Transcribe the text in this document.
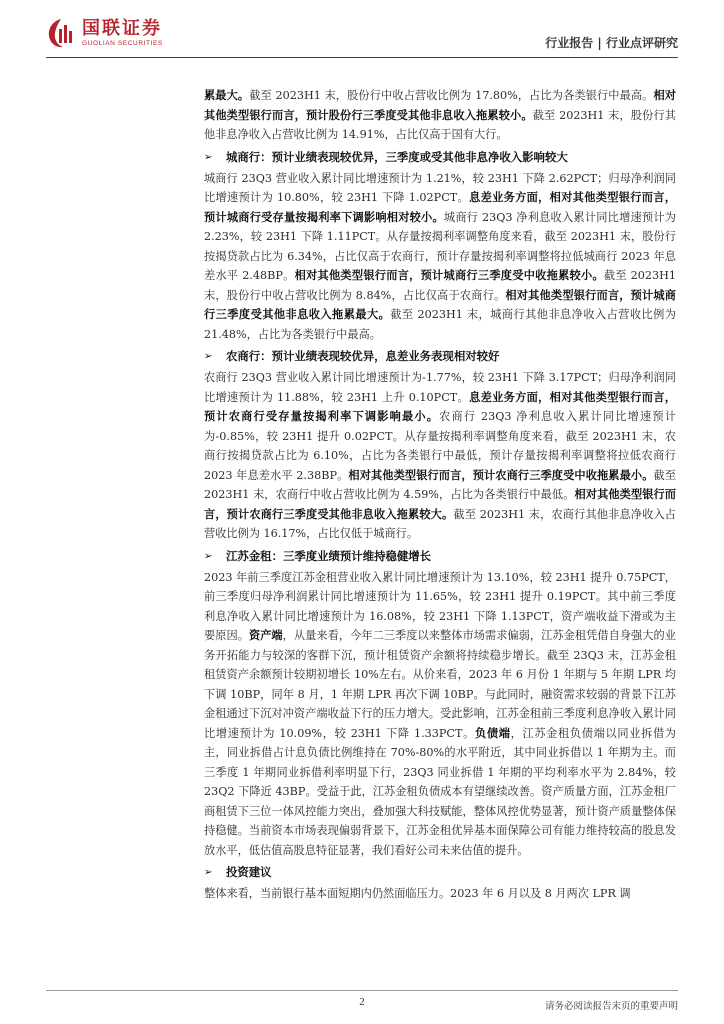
国联证券
GUOLIAN SECURITIES	行业报告 | 行业点评研究

累最大。截至 2023H1 末，股份行中收占营收比例为 17.80%，占比为各类银行中最高。相对其他类型银行而言，预计股份行三季度受其他非息收入拖累较小。截至 2023H1 末，股份行其他非息净收入占营收比例为 14.91%，占比仅高于国有大行。

➢	城商行：预计业绩表现较优异，三季度或受其他非息净收入影响较大

城商行 23Q3 营业收入累计同比增速预计为 1.21%，较 23H1 下降 2.62PCT；归母净利润同比增速预计为 10.80%，较 23H1 下降 1.02PCT。息差业务方面，相对其他类型银行而言，预计城商行受存量按揭利率下调影响相对较小。城商行 23Q3 净利息收入累计同比增速预计为 2.23%，较 23H1 下降 1.11PCT。从存量按揭利率调整角度来看，截至 2023H1 末，股份行按揭贷款占比为 6.34%，占比仅高于农商行，预计存量按揭利率调整将拉低城商行 2023 年息差水平 2.48BP。相对其他类型银行而言，预计城商行三季度受中收拖累较小。截至 2023H1 末，股份行中收占营收比例为 8.84%，占比仅高于农商行。相对其他类型银行而言，预计城商行三季度受其他非息收入拖累最大。截至 2023H1 末，城商行其他非息净收入占营收比例为 21.48%，占比为各类银行中最高。

➢	农商行：预计业绩表现较优异，息差业务表现相对较好

农商行 23Q3 营业收入累计同比增速预计为-1.77%，较 23H1 下降 3.17PCT；归母净利润同比增速预计为 11.88%，较 23H1 上升 0.10PCT。息差业务方面，相对其他类型银行而言，预计农商行受存量按揭利率下调影响最小。农商行 23Q3 净利息收入累计同比增速预计为-0.85%，较 23H1 提升 0.02PCT。从存量按揭利率调整角度来看，截至 2023H1 末，农商行按揭贷款占比为 6.10%，占比为各类银行中最低，预计存量按揭利率调整将拉低农商行 2023 年息差水平 2.38BP。相对其他类型银行而言，预计农商行三季度受中收拖累最小。截至 2023H1 末，农商行中收占营收比例为 4.59%，占比为各类银行中最低。相对其他类型银行而言，预计农商行三季度受其他非息收入拖累较大。截至 2023H1 末，农商行其他非息净收入占营收比例为 16.17%，占比仅低于城商行。

➢	江苏金租：三季度业绩预计维持稳健增长

2023 年前三季度江苏金租营业收入累计同比增速预计为 13.10%，较 23H1 提升 0.75PCT，前三季度归母净利润累计同比增速预计为 11.65%，较 23H1 提升 0.19PCT。其中前三季度利息净收入累计同比增速预计为 16.08%，较 23H1 下降 1.13PCT，资产端收益下滑或为主要原因。资产端，从量来看，今年二三季度以来整体市场需求偏弱，江苏金租凭借自身强大的业务开拓能力与较深的客群下沉，预计租赁资产余额将持续稳步增长。截至 23Q3 末，江苏金租租赁资产余额预计较期初增长 10%左右。从价来看，2023 年 6 月份 1 年期与 5 年期 LPR 均下调 10BP，同年 8 月，1 年期 LPR 再次下调 10BP。与此同时，融资需求较弱的背景下江苏金租通过下沉对冲资产端收益下行的压力增大。受此影响，江苏金租前三季度利息净收入累计同比增速预计为 10.09%，较 23H1 下降 1.33PCT。负债端，江苏金租负债端以同业拆借为主，同业拆借占计息负债比例维持在 70%-80%的水平附近，其中同业拆借以 1 年期为主。而三季度 1 年期同业拆借利率明显下行，23Q3 同业拆借 1 年期的平均利率水平为 2.84%，较 23Q2 下降近 43BP。受益于此，江苏金租负债成本有望继续改善。资产质量方面，江苏金租厂商租赁下三位一体风控能力突出，叠加强大科技赋能，整体风控优势显著，预计资产质量整体保持稳健。当前资本市场表现偏弱背景下，江苏金租优异基本面保障公司有能力维持较高的股息发放水平，低估值高股息特征显著，我们看好公司未来估值的提升。

➢	投资建议

整体来看，当前银行基本面短期内仍然面临压力。2023 年 6 月以及 8 月两次 LPR 调

2	请务必阅读报告末页的重要声明
